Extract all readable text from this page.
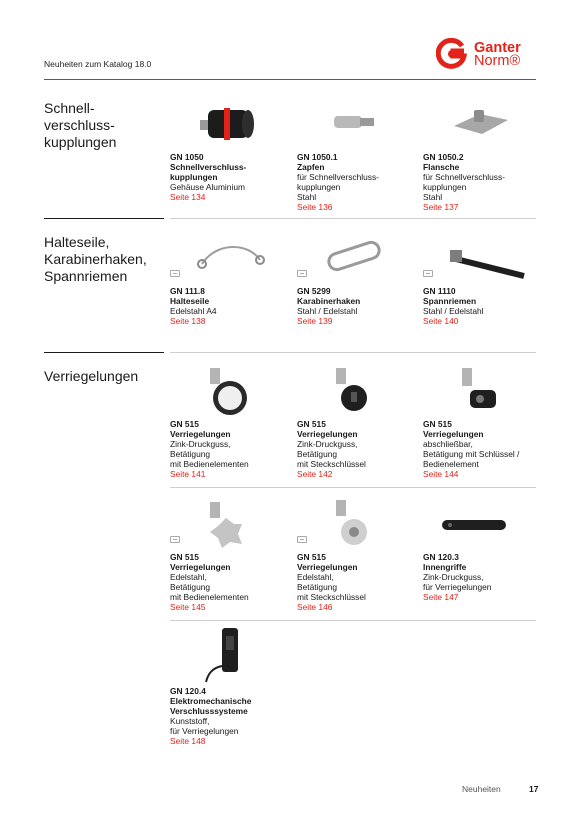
Neuheiten zum Katalog 18.0
Ganter
Norm®
Schnell-
verschluss-
kupplungen
GN 1050
Schnellverschluss-
kupplungen
Gehäuse Aluminium
Seite 134
GN 1050.1
Zapfen
für Schnellverschluss-
kupplungen
Stahl
Seite 136
GN 1050.2
Flansche
für Schnellverschluss-
kupplungen
Stahl
Seite 137
Halteseile,
Karabinerhaken,
Spannriemen
GN 111.8
Halteseile
Edelstahl A4
Seite 138
GN 5299
Karabinerhaken
Stahl / Edelstahl
Seite 139
GN 1110
Spannriemen
Stahl / Edelstahl
Seite 140
Verriegelungen
GN 515
Verriegelungen
Zink-Druckguss,
Betätigung
mit Bedienelementen
Seite 141
GN 515
Verriegelungen
Zink-Druckguss,
Betätigung
mit Steckschlüssel
Seite 142
GN 515
Verriegelungen
abschließbar,
Betätigung mit Schlüssel /
Bedienelement
Seite 144
GN 515
Verriegelungen
Edelstahl,
Betätigung
mit Bedienelementen
Seite 145
GN 515
Verriegelungen
Edelstahl,
Betätigung
mit Steckschlüssel
Seite 146
GN 120.3
Innengriffe
Zink-Druckguss,
für Verriegelungen
Seite 147
GN 120.4
Elektromechanische
Verschlusssysteme
Kunststoff,
für Verriegelungen
Seite 148
Neuheiten	17
